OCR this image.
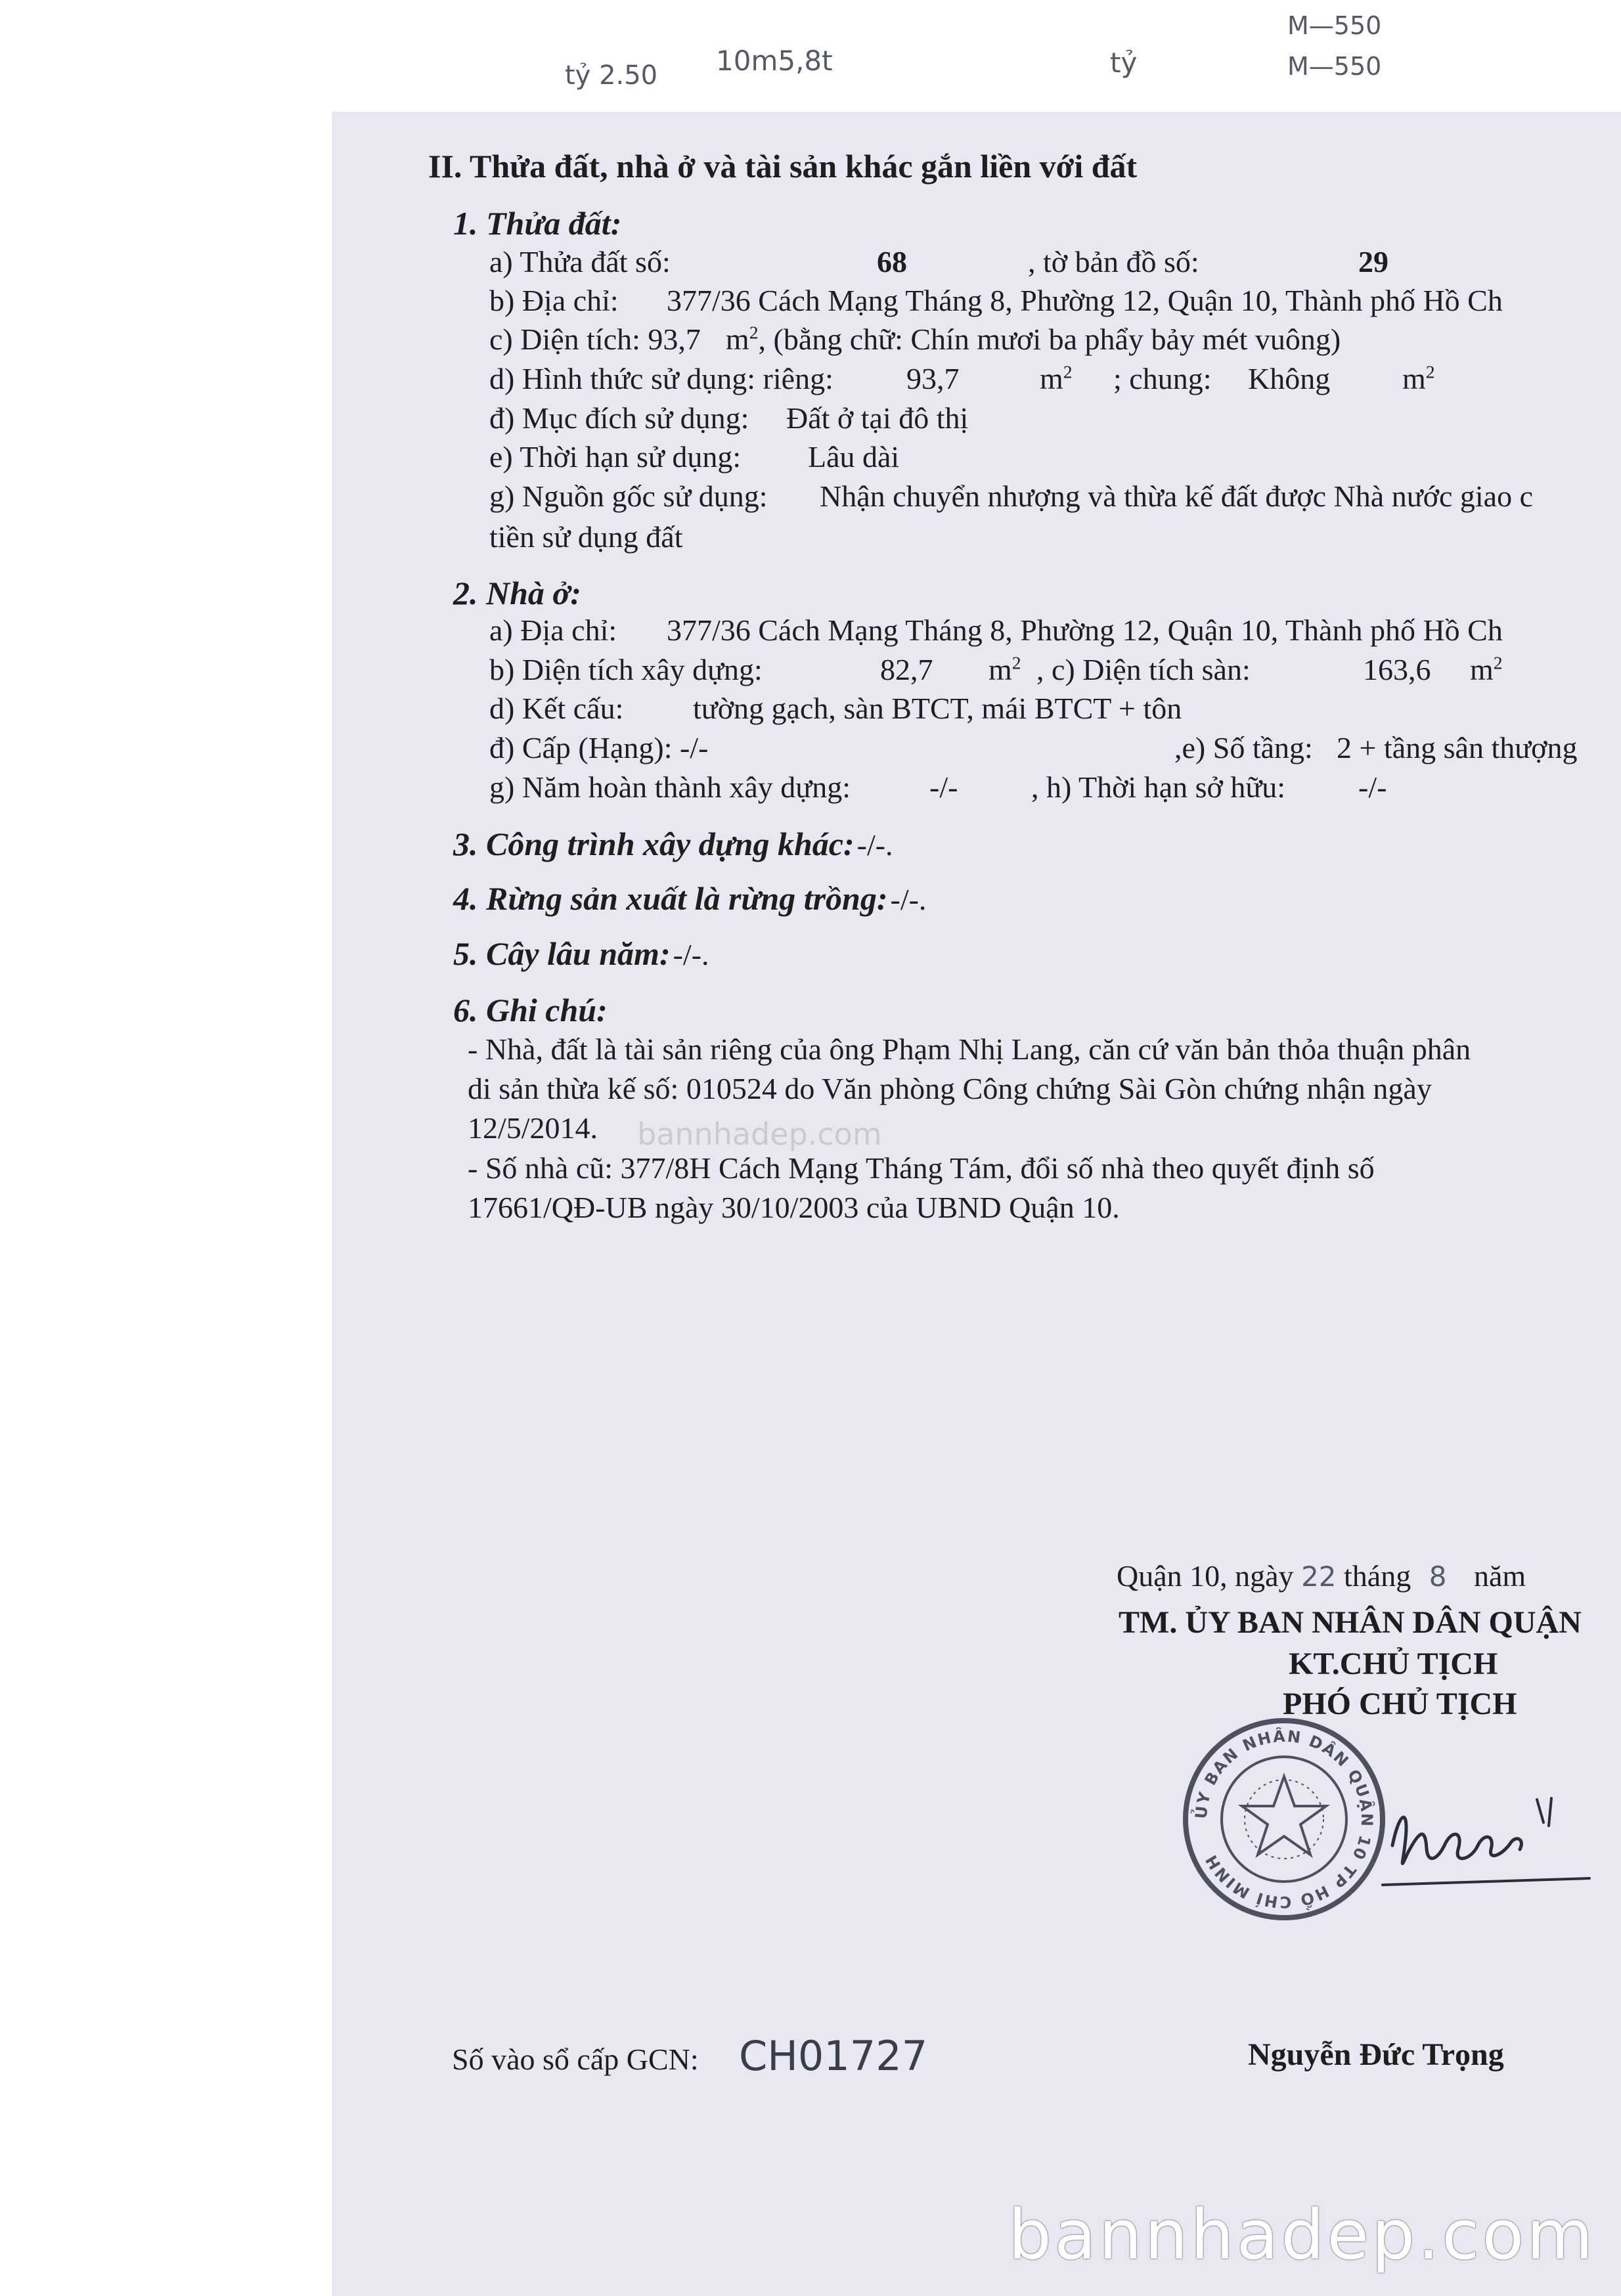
tỷ 2.50 10m5,8t	tỷ
M—550
M—550
II. Thửa đất, nhà ở và tài sản khác gắn liền với đất
1. Thửa đất:
a) Thửa đất số:	68	, tờ bản đồ số:	29
b) Địa chỉ: 377/36 Cách Mạng Tháng 8, Phường 12, Quận 10, Thành phố Hồ Ch
c) Diện tích: 93,7 $m^2$, (bằng chữ: Chín mươi ba phẩy bảy mét vuông)
d) Hình thức sử dụng: riêng: 93,7	$m^2$ ; chung: Không $m^2$
đ) Mục đích sử dụng: Đất ở tại đô thị
e) Thời hạn sử dụng: Lâu dài
g) Nguồn gốc sử dụng: Nhận chuyển nhượng và thừa kế đất được Nhà nước giao c
tiền sử dụng đất
2. Nhà ở:
a) Địa chỉ: 377/36 Cách Mạng Tháng 8, Phường 12, Quận 10, Thành phố Hồ Ch
b) Diện tích xây dựng:	82,7 $m^2$ , c) Diện tích sàn:	163,6 $m^2$
d) Kết cấu: tường gạch, sàn BTCT, mái BTCT + tôn
đ) Cấp (Hạng): -/-	,e) Số tầng: 2 + tầng sân thượng
g) Năm hoàn thành xây dựng:	-/- , h) Thời hạn sở hữu: -/-
3. Công trình xây dựng khác: -/-.
4. Rừng sản xuất là rừng trồng: -/-.
5. Cây lâu năm: -/-.
6. Ghi chú:
- Nhà, đất là tài sản riêng của ông Phạm Nhị Lang, căn cứ văn bản thỏa thuận phân
di sản thừa kế số: 010524 do Văn phòng Công chứng Sài Gòn chứng nhận ngày
12/5/2014. bannhadep.com
- Số nhà cũ: 377/8H Cách Mạng Tháng Tám, đổi số nhà theo quyết định số
17661/QĐ-UB ngày 30/10/2003 của UBND Quận 10.
Quận 10, ngày 22 tháng 8 năm
TM. ỦY BAN NHÂN DÂN QUẬN
KT.CHỦ TỊCH
PHÓ CHỦ TỊCH
ỦY BAN NHÂN DÂN QUẬN 10 TP HỒ CHÍ MINH
Số vào sổ cấp GCN: CH01727	Nguyễn Đức Trọng
bannhadep.com
